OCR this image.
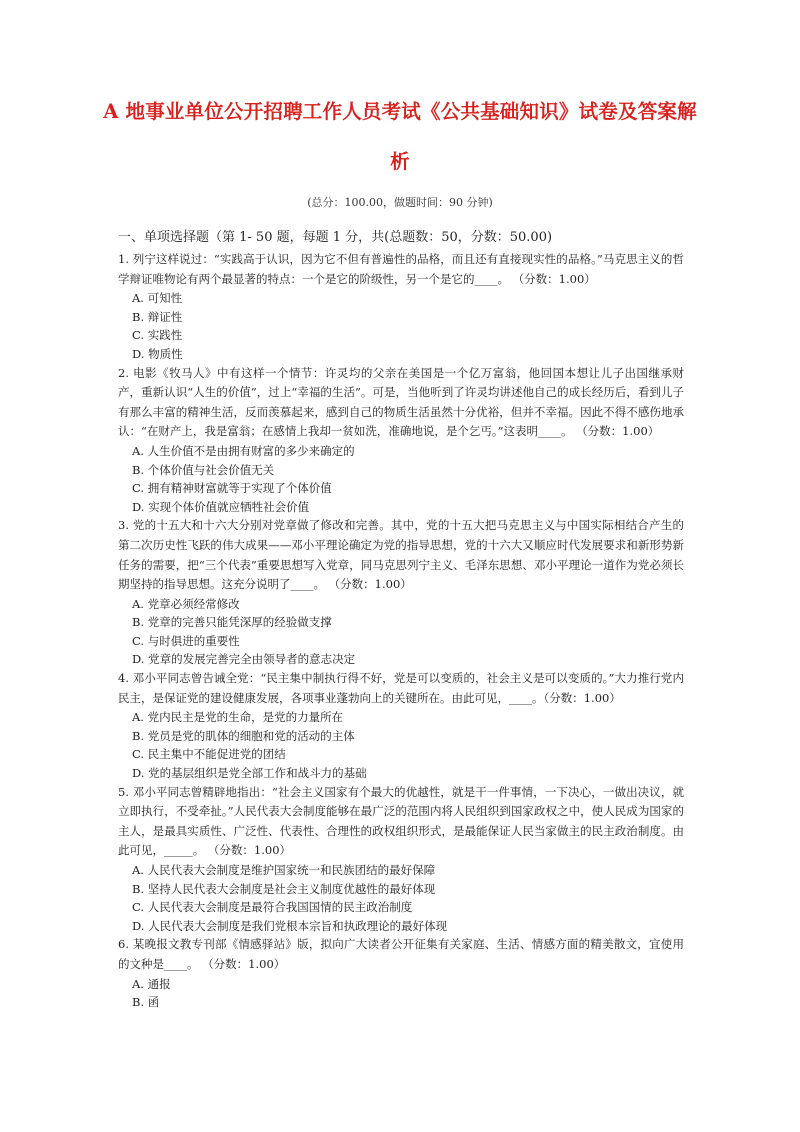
A 地事业单位公开招聘工作人员考试《公共基础知识》试卷及答案解
析
(总分：100.00，做题时间：90 分钟)
一、单项选择题（第 1- 50 题，每题 1 分，共(总题数：50，分数：50.00)

1. 列宁这样说过：“实践高于认识，因为它不但有普遍性的品格，而且还有直接现实性的品格。”马克思主义的哲学辩证唯物论有两个最显著的特点：一个是它的阶级性，另一个是它的____。 （分数：1.00）

A. 可知性
B. 辩证性
C. 实践性
D. 物质性

2. 电影《牧马人》中有这样一个情节：许灵均的父亲在美国是一个亿万富翁，他回国本想让儿子出国继承财产，重新认识“人生的价值”，过上“幸福的生活”。可是，当他听到了许灵均讲述他自己的成长经历后，看到儿子有那么丰富的精神生活，反而羡慕起来，感到自己的物质生活虽然十分优裕，但并不幸福。因此不得不感伤地承认：“在财产上，我是富翁；在感情上我却一贫如洗，准确地说，是个乞丐。”这表明____。 （分数：1.00）

A. 人生价值不是由拥有财富的多少来确定的
B. 个体价值与社会价值无关
C. 拥有精神财富就等于实现了个体价值
D. 实现个体价值就应牺牲社会价值

3. 党的十五大和十六大分别对党章做了修改和完善。其中，党的十五大把马克思主义与中国实际相结合产生的第二次历史性飞跃的伟大成果——邓小平理论确定为党的指导思想，党的十六大又顺应时代发展要求和新形势新任务的需要，把“三个代表”重要思想写入党章，同马克思列宁主义、毛泽东思想、邓小平理论一道作为党必须长期坚持的指导思想。这充分说明了____。 （分数：1.00）

A. 党章必须经常修改
B. 党章的完善只能凭深厚的经验做支撑
C. 与时俱进的重要性
D. 党章的发展完善完全由领导者的意志决定

4. 邓小平同志曾告诫全党：“民主集中制执行得不好，党是可以变质的，社会主义是可以变质的。”大力推行党内民主，是保证党的建设健康发展，各项事业蓬勃向上的关键所在。由此可见，____。（分数：1.00）

A. 党内民主是党的生命，是党的力量所在
B. 党员是党的肌体的细胞和党的活动的主体
C. 民主集中不能促进党的团结
D. 党的基层组织是党全部工作和战斗力的基础

5. 邓小平同志曾精辟地指出：“社会主义国家有个最大的优越性，就是干一件事情，一下决心，一做出决议，就立即执行，不受牵扯。”人民代表大会制度能够在最广泛的范围内将人民组织到国家政权之中，使人民成为国家的主人，是最具实质性、广泛性、代表性、合理性的政权组织形式，是最能保证人民当家做主的民主政治制度。由此可见，_____。 （分数：1.00）

A. 人民代表大会制度是维护国家统一和民族团结的最好保障
B. 坚持人民代表大会制度是社会主义制度优越性的最好体现
C. 人民代表大会制度是最符合我国国情的民主政治制度
D. 人民代表大会制度是我们党根本宗旨和执政理论的最好体现

6. 某晚报文教专刊部《情感驿站》版，拟向广大读者公开征集有关家庭、生活、情感方面的精美散文，宜使用的文种是____。 （分数：1.00）

A. 通报
B. 函
